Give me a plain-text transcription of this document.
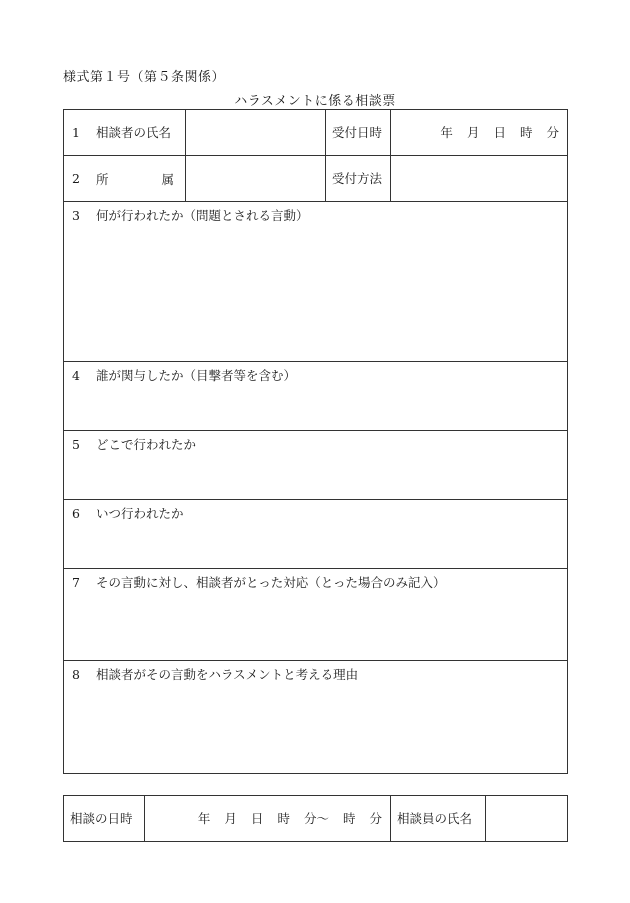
様式第１号（第５条関係）
ハラスメントに係る相談票
1 相談者の氏名		受付日時	年 月 日 時 分
2 所 属		受付方法	
3 何が行われたか（問題とされる言動）			
4 誰が関与したか（目撃者等を含む）			
5 どこで行われたか			
6 いつ行われたか			
7 その言動に対し、相談者がとった対応（とった場合のみ記入）			
8 相談者がその言動をハラスメントと考える理由			
相談の日時	年 月 日 時 分〜 時 分	相談員の氏名	
